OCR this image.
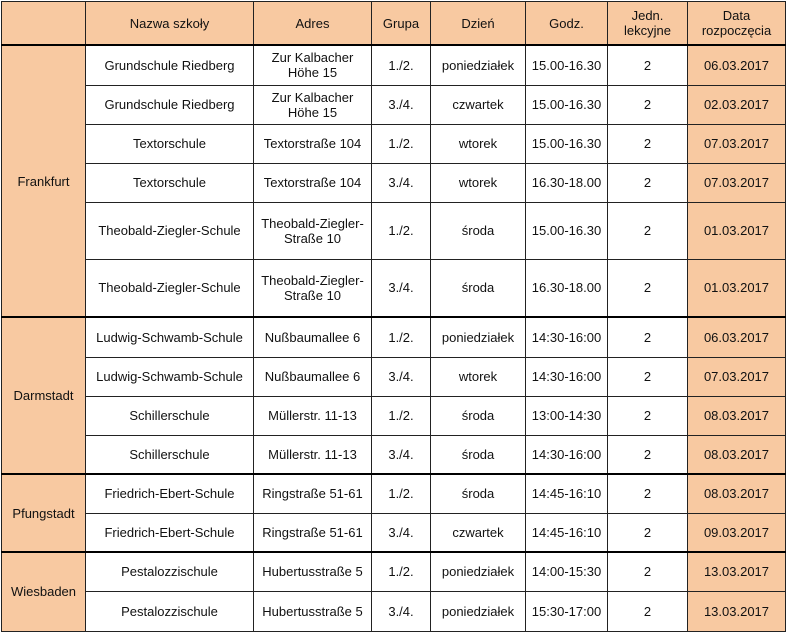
	Nazwa szkoły	Adres	Grupa	Dzień	Godz.	Jedn. lekcyjne	Data rozpoczęcia
Frankfurt	Grundschule Riedberg	Zur Kalbacher Höhe 15	1./2.	poniedziałek	15.00-16.30	2	06.03.2017
	Grundschule Riedberg	Zur Kalbacher Höhe 15	3./4.	czwartek	15.00-16.30	2	02.03.2017
	Textorschule	Textorstraße 104	1./2.	wtorek	15.00-16.30	2	07.03.2017
	Textorschule	Textorstraße 104	3./4.	wtorek	16.30-18.00	2	07.03.2017
	Theobald-Ziegler-Schule	Theobald-Ziegler-Straße 10	1./2.	środa	15.00-16.30	2	01.03.2017
	Theobald-Ziegler-Schule	Theobald-Ziegler-Straße 10	3./4.	środa	16.30-18.00	2	01.03.2017
Darmstadt	Ludwig-Schwamb-Schule	Nußbaumallee 6	1./2.	poniedziałek	14:30-16:00	2	06.03.2017
	Ludwig-Schwamb-Schule	Nußbaumallee 6	3./4.	wtorek	14:30-16:00	2	07.03.2017
	Schillerschule	Müllerstr. 11-13	1./2.	środa	13:00-14:30	2	08.03.2017
	Schillerschule	Müllerstr. 11-13	3./4.	środa	14:30-16:00	2	08.03.2017
Pfungstadt	Friedrich-Ebert-Schule	Ringstraße 51-61	1./2.	środa	14:45-16:10	2	08.03.2017
	Friedrich-Ebert-Schule	Ringstraße 51-61	3./4.	czwartek	14:45-16:10	2	09.03.2017
Wiesbaden	Pestalozzischule	Hubertusstraße 5	1./2.	poniedziałek	14:00-15:30	2	13.03.2017
	Pestalozzischule	Hubertusstraße 5	3./4.	poniedziałek	15:30-17:00	2	13.03.2017
